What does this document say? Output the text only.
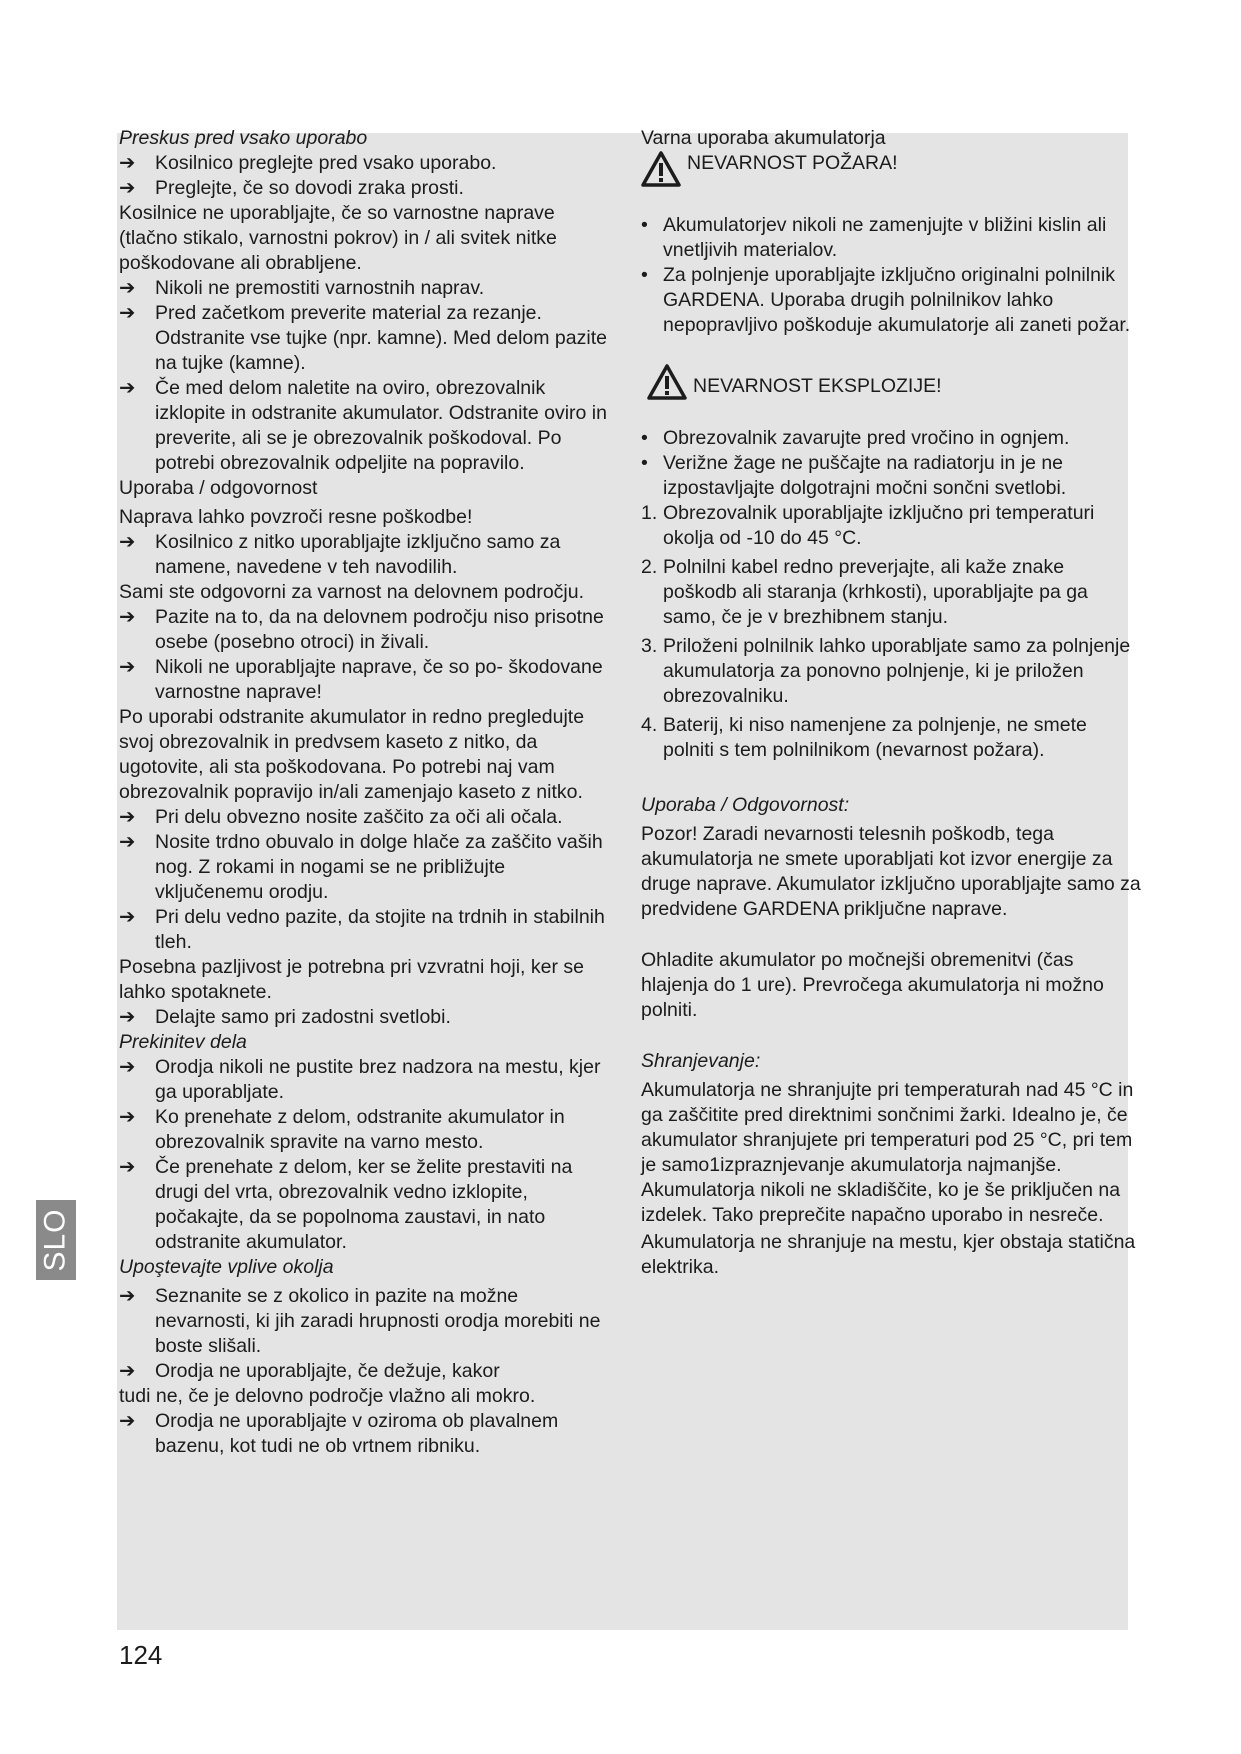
Preskus pred vsako uporabo

➔	Kosilnico preglejte pred vsako uporabo.

➔ Preglejte, če so dovodi zraka prosti.

Kosilnice ne uporabljajte, če so varnostne naprave (tlačno stikalo, varnostni pokrov) in / ali svitek nitke poškodovane ali obrabljene.

➔	Nikoli ne premostiti varnostnih naprav.

➔ Pred začetkom preverite material za rezanje. Odstranite vse tujke (npr. kamne). Med delom pazite na tujke (kamne).

➔ Če med delom naletite na oviro, obrezovalnik izklopite in odstranite akumulator. Odstranite oviro in preverite, ali se je obrezovalnik poškodoval. Po potrebi obrezovalnik odpeljite na popravilo.

Uporaba / odgovornost

Naprava lahko povzroči resne poškodbe!

➔ Kosilnico z nitko uporabljajte izključno samo za namene, navedene v teh navodilih.

Sami ste odgovorni za varnost na delovnem področju.

➔ Pazite na to, da na delovnem področju niso prisotne osebe (posebno otroci) in živali.

➔ Nikoli ne uporabljajte naprave, če so po- škodovane varnostne naprave!

Po uporabi odstranite akumulator in redno pregledujte svoj obrezovalnik in predvsem kaseto z nitko, da ugotovite, ali sta poškodovana. Po potrebi naj vam obrezovalnik popravijo in/ali zamenjajo kaseto z nitko.

➔	Pri delu obvezno nosite zaščito za oči ali očala.

➔	Nosite trdno obuvalo in dolge hlače za zaščito vaših nog. Z rokami in nogami se ne približujte vključenemu orodju.

➔ Pri delu vedno pazite, da stojite na trdnih in stabilnih tleh.

Posebna pazljivost je potrebna pri vzvratni hoji, ker se lahko spotaknete.

➔ Delajte samo pri zadostni svetlobi.

Prekinitev dela

➔ Orodja nikoli ne pustite brez nadzora na mestu, kjer ga uporabljate.

➔ Ko prenehate z delom, odstranite akumulator in obrezovalnik spravite na varno mesto.

➔ Če prenehate z delom, ker se želite prestaviti na drugi del vrta, obrezovalnik vedno izklopite, počakajte, da se popolnoma zaustavi, in nato odstranite akumulator.

Upoştevajte vplive okolja

➔ Seznanite se z okolico in pazite na možne nevarnosti, ki jih zaradi hrupnosti orodja morebiti ne boste slišali.

➔ Orodja ne uporabljajte, če dežuje, kakor

tudi ne, če je delovno področje vlažno ali mokro.

➔ Orodja ne uporabljajte v oziroma ob plavalnem bazenu, kot tudi ne ob vrtnem ribniku.

Varna uporaba akumulatorja

NEVARNOST POŽARA!

• Akumulatorjev nikoli ne zamenjujte v bližini kislin ali vnetljivih materialov.

• Za polnjenje uporabljajte izključno originalni polnilnik GARDENA. Uporaba drugih polnilnikov lahko nepopravljivo poškoduje akumulatorje ali zaneti požar.

NEVARNOST EKSPLOZIJE!

• Obrezovalnik zavarujte pred vročino in ognjem.

• Verižne žage ne puščajte na radiatorju in je ne izpostavljajte dolgotrajni močni sončni svetlobi.

1. Obrezovalnik uporabljajte izključno pri temperaturi okolja od -10 do 45 °C.

2. Polnilni kabel redno preverjajte, ali kaže znake poškodb ali staranja (krhkosti), uporabljajte pa ga samo, če je v brezhibnem stanju.

3. Priloženi polnilnik lahko uporabljate samo za polnjenje akumulatorja za ponovno polnjenje, ki je priložen obrezovalniku.

4. Baterij, ki niso namenjene za polnjenje, ne smete polniti s tem polnilnikom (nevarnost požara).

Uporaba / Odgovornost:

Pozor! Zaradi nevarnosti telesnih poškodb, tega akumulatorja ne smete uporabljati kot izvor energije za druge naprave. Akumulator izključno uporabljajte samo za predvidene GARDENA priključne naprave.

Ohladite akumulator po močnejši obremenitvi (čas hlajenja do 1 ure). Prevročega akumulatorja ni možno polniti.

Shranjevanje:

Akumulatorja ne shranjujte pri temperaturah nad 45 °C in ga zaščitite pred direktnimi sončnimi žarki. Idealno je, če akumulator shranjujete pri temperaturi pod 25 °C, pri tem je samo1izpraznjevanje akumulatorja najmanjše. Akumulatorja nikoli ne skladiščite, ko je še priključen na izdelek. Tako preprečite napačno uporabo in nesreče.

Akumulatorja ne shranjuje na mestu, kjer obstaja statična elektrika.

SLO
124
